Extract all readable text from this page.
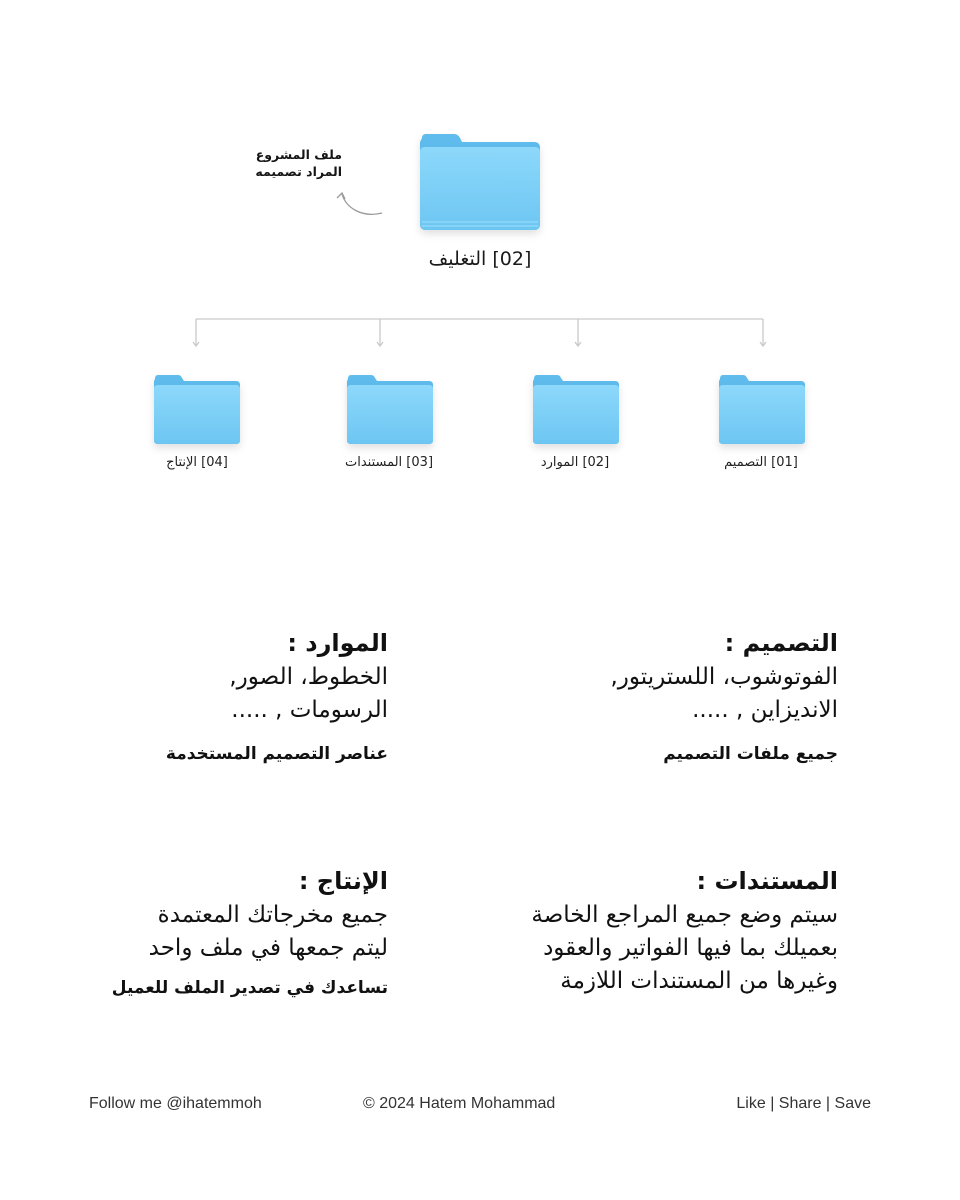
ملف المشروع
المراد تصميمه
[02] التغليف
[01] التصميم
[02] الموارد
[03] المستندات
[04] الإنتاج
التصميم :
الفوتوشوب، اللستريتور,
الانديزاين , .....
جميع ملفات التصميم
الموارد :
الخطوط، الصور,
الرسومات , .....
عناصر التصميم المستخدمة
المستندات :
سيتم وضع جميع المراجع الخاصة
بعميلك بما فيها الفواتير والعقود
وغيرها من المستندات اللازمة
الإنتاج :
جميع مخرجاتك المعتمدة
ليتم جمعها في ملف واحد
تساعدك في تصدير الملف للعميل
Follow me @ihatemmoh	© 2024 Hatem Mohammad	Like | Share | Save
